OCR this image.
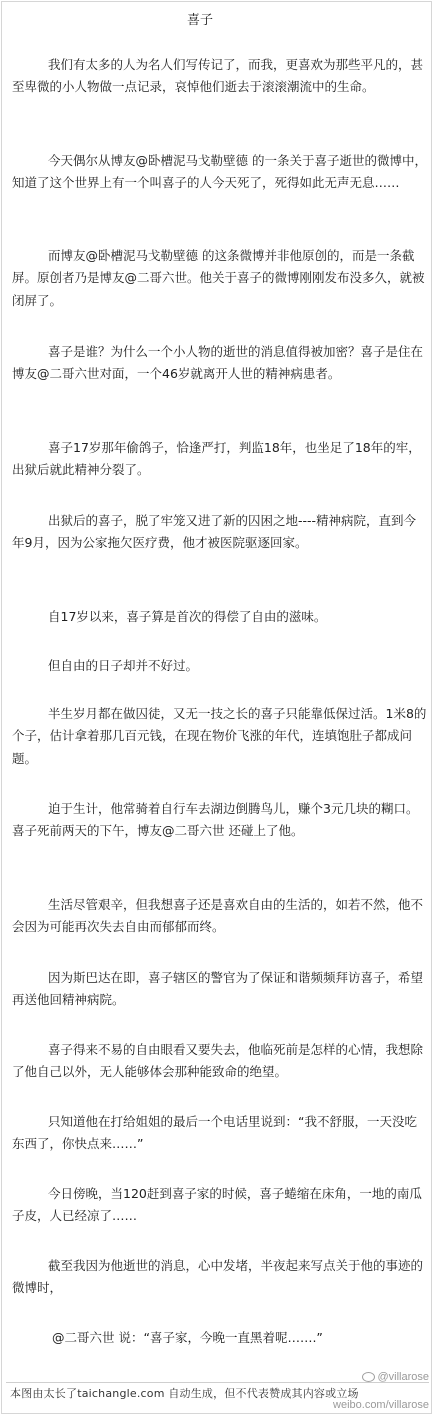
喜子

我们有太多的人为名人们写传记了，而我，更喜欢为那些平凡的，甚至卑微的小人物做一点记录，哀悼他们逝去于滚滚潮流中的生命。

今天偶尔从博友@卧槽泥马戈勒壁德 的一条关于喜子逝世的微博中，知道了这个世界上有一个叫喜子的人今天死了，死得如此无声无息……

而博友@卧槽泥马戈勒壁德 的这条微博并非他原创的，而是一条截屏。原创者乃是博友@二哥六世。他关于喜子的微博刚刚发布没多久，就被闭屏了。

喜子是谁？为什么一个小人物的逝世的消息值得被加密？喜子是住在博友@二哥六世对面，一个46岁就离开人世的精神病患者。

喜子17岁那年偷鸽子，恰逢严打，判监18年，也坐足了18年的牢，出狱后就此精神分裂了。

出狱后的喜子，脱了牢笼又进了新的囚困之地----精神病院，直到今年9月，因为公家拖欠医疗费，他才被医院驱逐回家。

自17岁以来，喜子算是首次的得偿了自由的滋味。

但自由的日子却并不好过。

半生岁月都在做囚徒，又无一技之长的喜子只能靠低保过活。1米8的个子，估计拿着那几百元钱，在现在物价飞涨的年代，连填饱肚子都成问题。

迫于生计，他常骑着自行车去湖边倒腾鸟儿，赚个3元几块的糊口。喜子死前两天的下午，博友@二哥六世 还碰上了他。

生活尽管艰辛，但我想喜子还是喜欢自由的生活的，如若不然，他不会因为可能再次失去自由而郁郁而终。

因为斯巴达在即，喜子辖区的警官为了保证和谐频频拜访喜子，希望再送他回精神病院。

喜子得来不易的自由眼看又要失去，他临死前是怎样的心情，我想除了他自己以外，无人能够体会那种能致命的绝望。

只知道他在打给姐姐的最后一个电话里说到：“我不舒服，一天没吃东西了，你快点来……”

今日傍晚，当120赶到喜子家的时候，喜子蜷缩在床角，一地的南瓜子皮，人已经凉了……

截至我因为他逝世的消息，心中发堵，半夜起来写点关于他的事迹的微博时，

@二哥六世 说：“喜子家，今晚一直黑着呢…….”

@villarose
本图由太长了taichangle.com 自动生成，但不代表赞成其内容或立场
weibo.com/villarose
